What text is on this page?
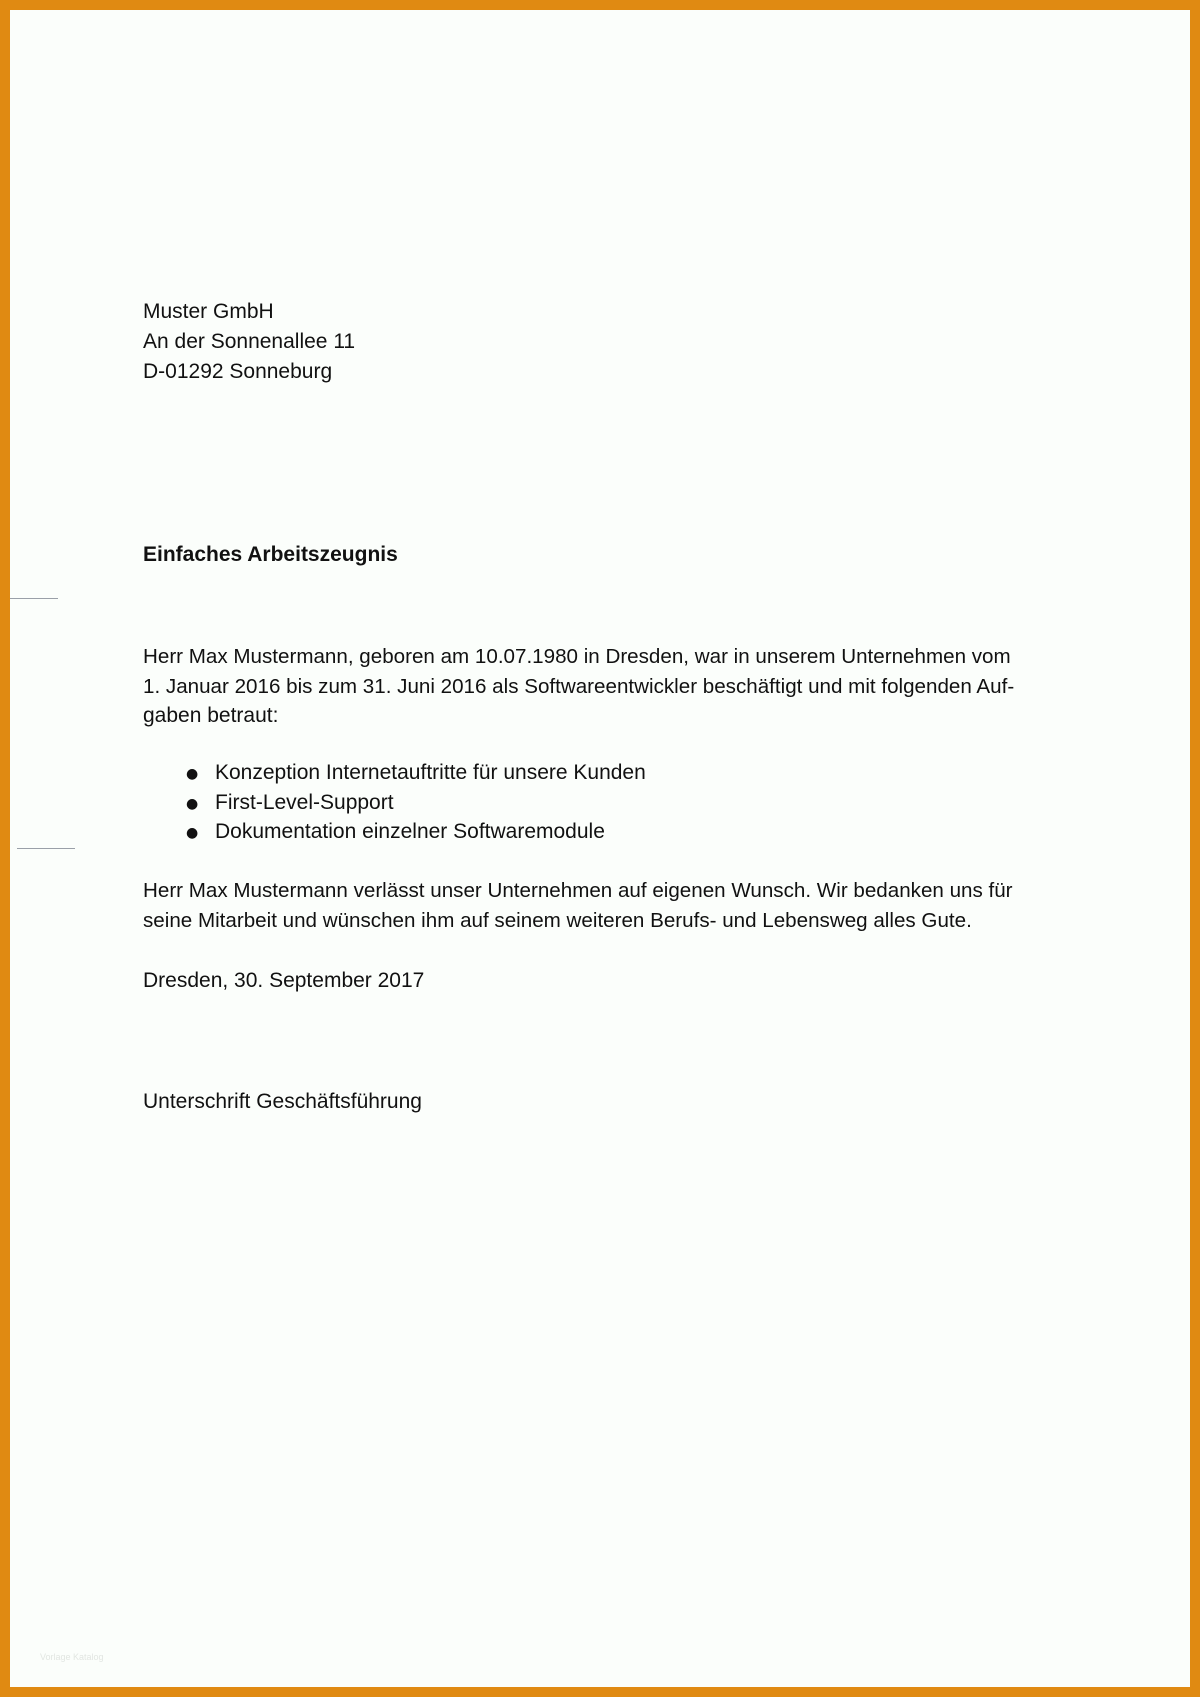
Muster GmbH
An der Sonnenallee 11
D-01292 Sonneburg
Einfaches Arbeitszeugnis
Herr Max Mustermann, geboren am 10.07.1980 in Dresden, war in unserem Unternehmen vom
1. Januar 2016 bis zum 31. Juni 2016 als Softwareentwickler beschäftigt und mit folgenden Auf-
gaben betraut:
● Konzeption Internetauftritte für unsere Kunden
● First-Level-Support
● Dokumentation einzelner Softwaremodule
Herr Max Mustermann verlässt unser Unternehmen auf eigenen Wunsch. Wir bedanken uns für
seine Mitarbeit und wünschen ihm auf seinem weiteren Berufs- und Lebensweg alles Gute.
Dresden, 30. September 2017
Unterschrift Geschäftsführung
Vorlage Katalog
